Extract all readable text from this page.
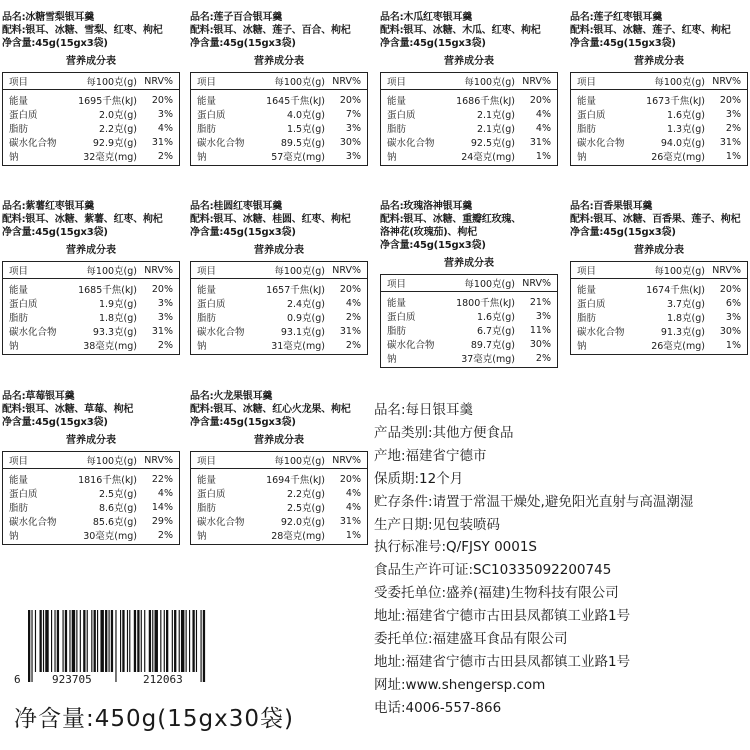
品名:冰糖雪梨银耳羹
配料:银耳、冰糖、雪梨、红枣、枸杞
净含量:45g(15gx3袋)
营养成分表
项目	每100克(g) NRV%
能量	1695千焦(kJ)	20%
蛋白质	2.0克(g)	3%
脂肪	2.2克(g)	4%
碳水化合物	92.9克(g)	31%
钠	32毫克(mg)	2%
品名:莲子百合银耳羹
配料:银耳、冰糖、莲子、百合、枸杞
净含量:45g(15gx3袋)
营养成分表
项目	每100克(g) NRV%
能量	1645千焦(kJ)	20%
蛋白质	4.0克(g)	7%
脂肪	1.5克(g)	3%
碳水化合物	89.5克(g)	30%
钠	57毫克(mg)	3%
品名:木瓜红枣银耳羹
配料:银耳、冰糖、木瓜、红枣、枸杞
净含量:45g(15gx3袋)
营养成分表
项目	每100克(g) NRV%
能量	1686千焦(kJ)	20%
蛋白质	2.1克(g)	4%
脂肪	2.1克(g)	4%
碳水化合物	92.5克(g)	31%
钠	24毫克(mg)	1%
品名:莲子红枣银耳羹
配料:银耳、冰糖、莲子、红枣、枸杞
净含量:45g(15gx3袋)
营养成分表
项目	每100克(g) NRV%
能量	1673千焦(kJ)	20%
蛋白质	1.6克(g)	3%
脂肪	1.3克(g)	2%
碳水化合物	94.0克(g)	31%
钠	26毫克(mg)	1%
品名:紫薯红枣银耳羹
配料:银耳、冰糖、紫薯、红枣、枸杞
净含量:45g(15gx3袋)
营养成分表
项目	每100克(g) NRV%
能量	1685千焦(kJ)	20%
蛋白质	1.9克(g)	3%
脂肪	1.8克(g)	3%
碳水化合物	93.3克(g)	31%
钠	38毫克(mg)	2%
品名:桂圆红枣银耳羹
配料:银耳、冰糖、桂圆、红枣、枸杞
净含量:45g(15gx3袋)
营养成分表
项目	每100克(g) NRV%
能量	1657千焦(kJ)	20%
蛋白质	2.4克(g)	4%
脂肪	0.9克(g)	2%
碳水化合物	93.1克(g)	31%
钠	31毫克(mg)	2%
品名:玫瑰洛神银耳羹
配料:银耳、冰糖、重瓣红玫瑰、
洛神花(玫瑰茄)、枸杞
净含量:45g(15gx3袋)
营养成分表
项目	每100克(g) NRV%
能量	1800千焦(kJ)	21%
蛋白质	1.6克(g)	3%
脂肪	6.7克(g)	11%
碳水化合物	89.7克(g)	30%
钠	37毫克(mg)	2%
品名:百香果银耳羹
配料:银耳、冰糖、百香果、莲子、枸杞
净含量:45g(15gx3袋)
营养成分表
项目	每100克(g) NRV%
能量	1674千焦(kJ)	20%
蛋白质	3.7克(g)	6%
脂肪	1.8克(g)	3%
碳水化合物	91.3克(g)	30%
钠	26毫克(mg)	1%
品名:草莓银耳羹
配料:银耳、冰糖、草莓、枸杞
净含量:45g(15gx3袋)
营养成分表
项目	每100克(g) NRV%
能量	1816千焦(kJ)	22%
蛋白质	2.5克(g)	4%
脂肪	8.6克(g)	14%
碳水化合物	85.6克(g)	29%
钠	30毫克(mg)	2%
品名:火龙果银耳羹
配料:银耳、冰糖、红心火龙果、枸杞
净含量:45g(15gx3袋)
营养成分表
项目	每100克(g) NRV%
能量	1694千焦(kJ)	20%
蛋白质	2.2克(g)	4%
脂肪	2.5克(g)	4%
碳水化合物	92.0克(g)	31%
钠	28毫克(mg)	1%
品名:每日银耳羹
产品类别:其他方便食品
产地:福建省宁德市
保质期:12个月
贮存条件:请置于常温干燥处,避免阳光直射与高温潮湿
生产日期:见包装喷码
执行标准号:Q/FJSY 0001S
食品生产许可证:SC10335092200745
受委托单位:盛养(福建)生物科技有限公司
地址:福建省宁德市古田县凤都镇工业路1号
委托单位:福建盛耳食品有限公司
地址:福建省宁德市古田县凤都镇工业路1号
网址:www.shengersp.com
电话:4006-557-866
6	923705	212063
净含量:450g(15gx30袋)
